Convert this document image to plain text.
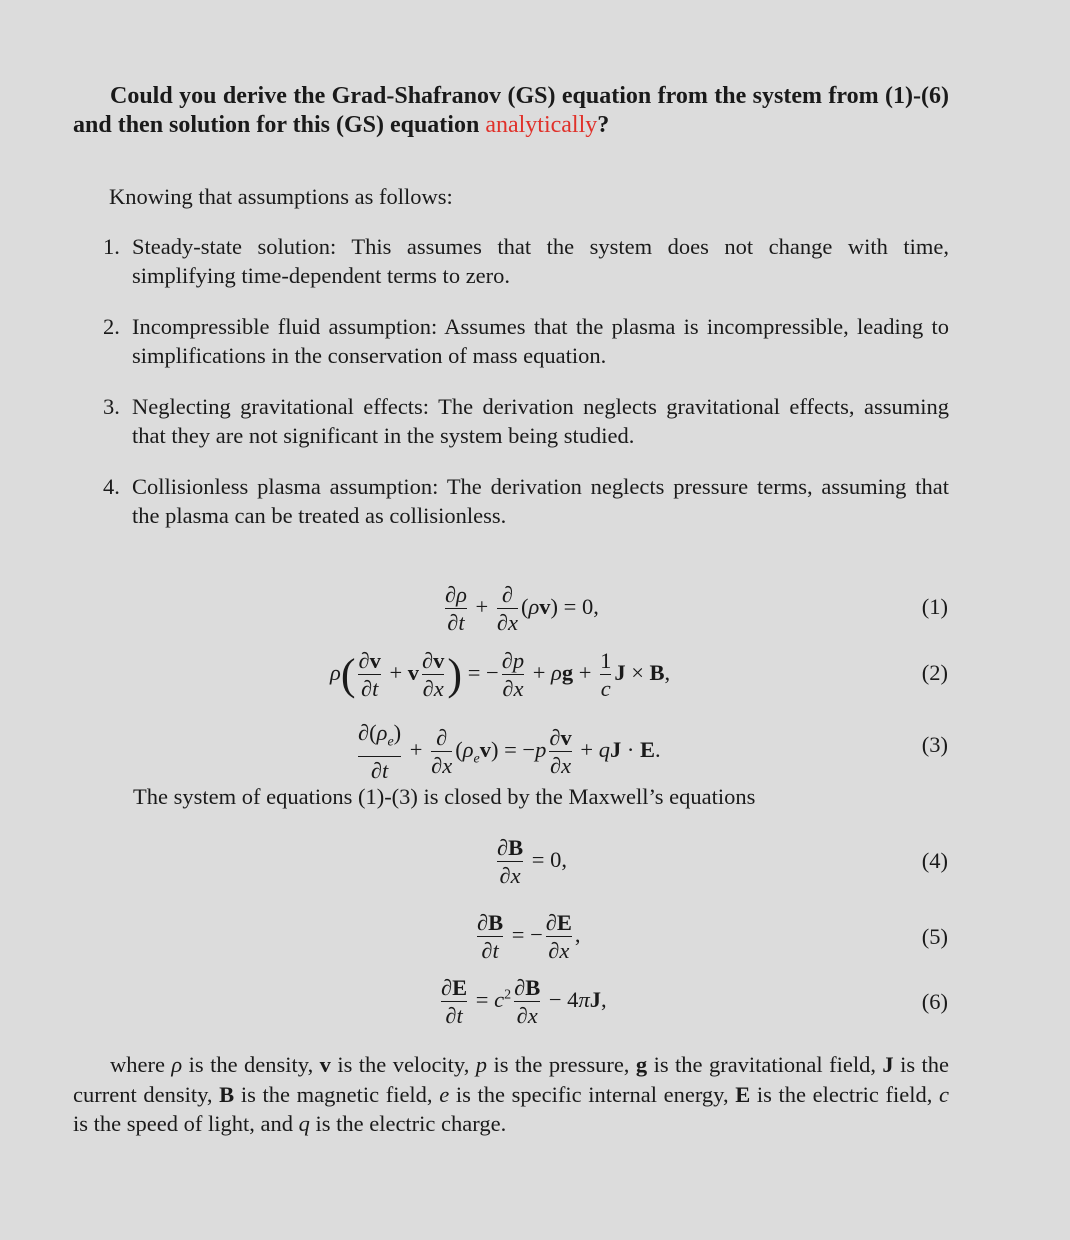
Could you derive the Grad-Shafranov (GS) equation from the system from (1)-(6) and then solution for this (GS) equation analytically?
Knowing that assumptions as follows:
1. Steady-state solution: This assumes that the system does not change with time, simplifying time-dependent terms to zero.
2. Incompressible fluid assumption: Assumes that the plasma is incompressible, leading to simplifications in the conservation of mass equation.
3. Neglecting gravitational effects: The derivation neglects gravitational effects, assuming that they are not significant in the system being studied.
4. Collisionless plasma assumption: The derivation neglects pressure terms, assuming that the plasma can be treated as collisionless.
$\frac{\partial\rho}{\partial t} + \frac{\partial}{\partial x} (\rho v) = 0$,	(1)
$\rho( \frac{\partial v}{\partial t} + v \frac{\partial v}{\partial x}$ ) = − $\frac{\partial p}{\partial x} + \rho g + \frac{1}{c}$ J × B,	(2)
$\frac{\partial(\rho_e)}{\partial t} + \frac{\partial}{\partial x} (\rho_ev) = -p \frac{\partial v}{\partial x}$ + qJ · E.	(3)
The system of equations (1)-(3) is closed by the Maxwell’s equations
$\frac{\partial B}{\partial x} = 0$,	(4)
$\frac{\partial B}{\partial t}$ = − $\frac{\partial E}{\partial x}$ ,	(5)
$\frac{\partial E}{\partial t} = c^2 \frac{\partial B}{\partial x} - 4\pi J$,	(6)
where ρ is the density, v is the velocity, p is the pressure, g is the gravitational field, J is the current density, B is the magnetic field, e is the specific internal energy, E is the electric field, c is the speed of light, and q is the electric charge.
